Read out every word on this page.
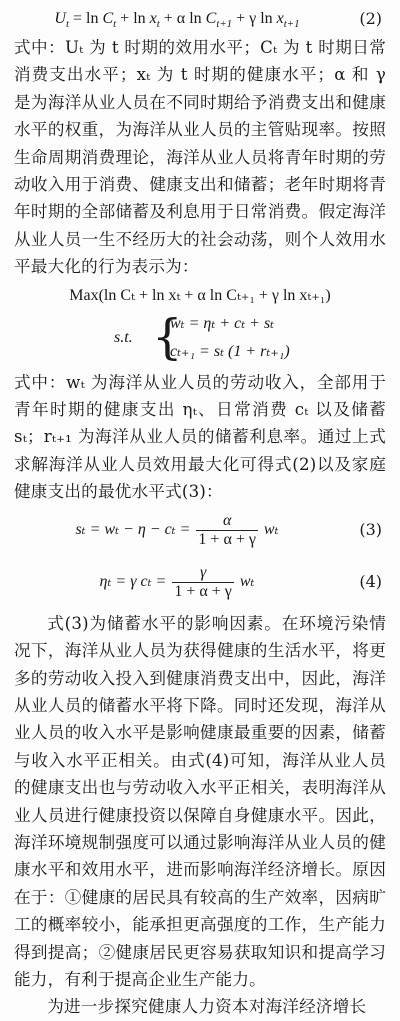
$U_t = \ln C_t + \ln x_t + \alpha$ $\ln C_{t+1} + \gamma$ $\ln x_{t+1}$	(2)

式中：Uₜ 为 t 时期的效用水平；Cₜ 为 t 时期日常消费支出水平；xₜ 为 t 时期的健康水平；α 和 γ 是为海洋从业人员在不同时期给予消费支出和健康水平的权重，为海洋从业人员的主管贴现率。按照生命周期消费理论，海洋从业人员将青年时期的劳动收入用于消费、健康支出和储蓄；老年时期将青年时期的全部储蓄及利息用于日常消费。假定海洋从业人员一生不经历大的社会动荡，则个人效用水平最大化的行为表示为：

Max(ln Cₜ + ln xₜ + α ln Cₜ₊₁ + γ ln xₜ₊₁)
s.t. {
wₜ = ηₜ + cₜ + sₜ
cₜ₊₁ = sₜ (1 + rₜ₊₁)

式中：wₜ 为海洋从业人员的劳动收入，全部用于青年时期的健康支出 ηₜ、日常消费 cₜ 以及储蓄 sₜ；rₜ₊₁ 为海洋从业人员的储蓄利息率。通过上式求解海洋从业人员效用最大化可得式(2)以及家庭健康支出的最优水平式(3)：

$s_t = w_t - \eta - c_t = \frac{\alpha}{1 + \alpha + \gamma}$ wₜ	(3)
ηₜ = γ $c_t = \frac{\gamma}{1 + \alpha + \gamma}$ wₜ	(4)

式(3)为储蓄水平的影响因素。在环境污染情况下，海洋从业人员为获得健康的生活水平，将更多的劳动收入投入到健康消费支出中，因此，海洋从业人员的储蓄水平将下降。同时还发现，海洋从业人员的收入水平是影响健康最重要的因素，储蓄与收入水平正相关。由式(4)可知，海洋从业人员的健康支出也与劳动收入水平正相关，表明海洋从业人员进行健康投资以保障自身健康水平。因此，海洋环境规制强度可以通过影响海洋从业人员的健康水平和效用水平，进而影响海洋经济增长。原因在于：①健康的居民具有较高的生产效率，因病旷工的概率较小，能承担更高强度的工作，生产能力得到提高；②健康居民更容易获取知识和提高学习能力，有利于提高企业生产能力。

为进一步探究健康人力资本对海洋经济增长
